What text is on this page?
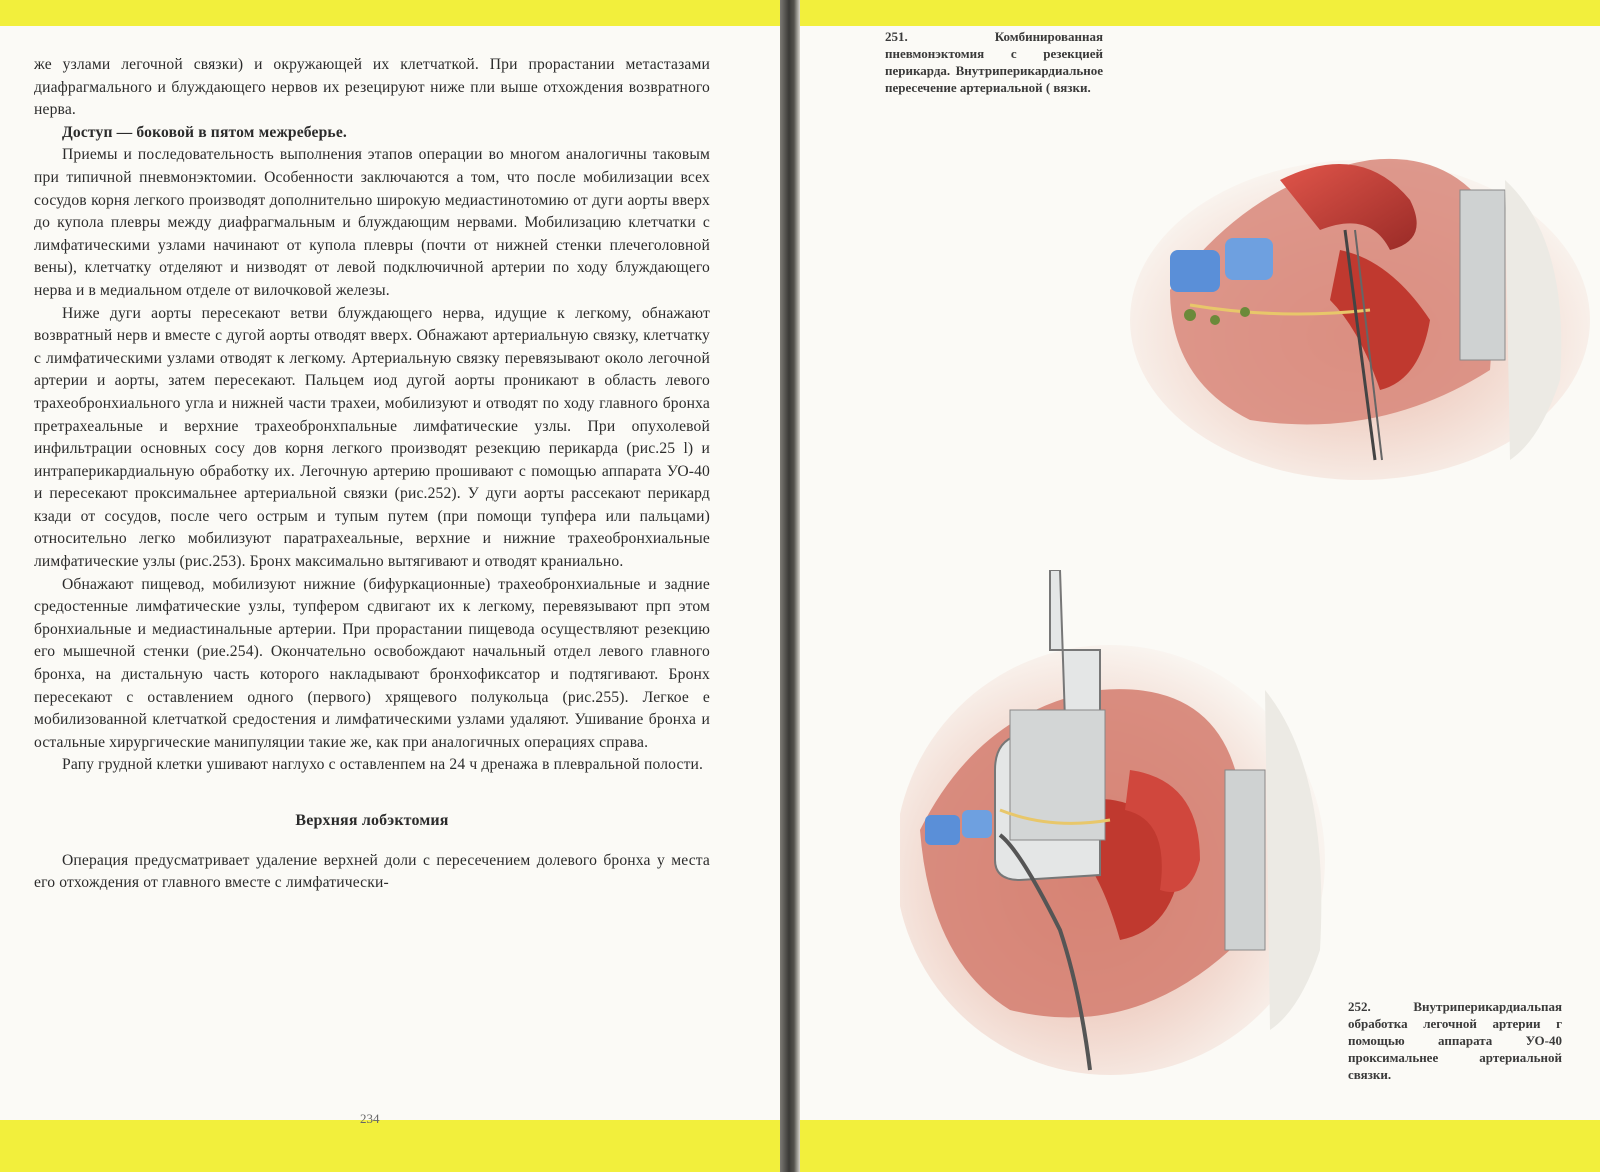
же узлами легочной связки) и окружающей их клетчаткой. При прорастании метастазами диафрагмального и блуждающего нервов их резецируют ниже пли выше отхождения возвратного нерва.

Доступ — боковой в пятом межреберье.

Приемы и последовательность выполнения этапов операции во многом аналогичны таковым при типичной пневмонэктомии. Особенности заключаются а том, что после мобилизации всех сосудов корня легкого производят дополнительно широкую медиастинотомию от дуги аорты вверх до купола плевры между диафрагмальным и блуждающим нервами. Мобилизацию клетчатки с лимфатическими узлами начинают от купола плевры (почти от нижней стенки плечеголовной вены), клетчатку отделяют и низводят от левой подключичной артерии по ходу блуждающего нерва и в медиальном отделе от вилочковой железы.

Ниже дуги аорты пересекают ветви блуждающего нерва, идущие к легкому, обнажают возвратный нерв и вместе с дугой аорты отводят вверх. Обнажают артериальную связку, клетчатку с лимфатическими узлами отводят к легкому. Артериальную связку перевязывают около легочной артерии и аорты, затем пересекают. Пальцем иод дугой аорты проникают в область левого трахеобронхиального угла и нижней части трахеи, мобилизуют и отводят по ходу главного бронха претрахеальные и верхние трахеобронхпальные лимфатические узлы. При опухолевой инфильтрации основных сосу дов корня легкого производят резекцию перикарда (рис.25 l) и интраперикардиальную обработку их. Легочную артерию прошивают с помощью аппарата УО-40 и пересекают проксимальнее артериальной связки (рис.252). У дуги аорты рассекают перикард кзади от сосудов, после чего острым и тупым путем (при помощи тупфера или пальцами) относительно легко мобилизуют паратрахеальные, верхние и нижние трахеобронхиальные лимфатические узлы (рис.253). Бронх максимально вытягивают и отводят краниально.

Обнажают пищевод, мобилизуют нижние (бифуркационные) трахеобронхиальные и задние средостенные лимфатические узлы, тупфером сдвигают их к легкому, перевязывают прп этом бронхиальные и медиастинальные артерии. При прорастании пищевода осуществляют резекцию его мышечной стенки (рие.254). Окончательно освобождают начальный отдел левого главного бронха, на дистальную часть которого накладывают бронхофиксатор и подтягивают. Бронх пересекают с оставлением одного (первого) хрящевого полукольца (рис.255). Легкое е мобилизованной клетчаткой средостения и лимфатическими узлами удаляют. Ушивание бронха и остальные хирургические манипуляции такие же, как при аналогичных операциях справа.

Рапу грудной клетки ушивают наглухо с оставленпем на 24 ч дренажа в плевральной полости.

Верхняя лобэктомия

Операция предусматривает удаление верхней доли с пересечением долевого бронха у места его отхождения от главного вместе с лимфатически-

234
251. Комбинированная пневмонэктомия с резекцией перикарда. Внутриперикардиальное пересечение артериальной ( вязки.
252. Внутриперикардиальпая обработка легочной артерии г помощью аппарата УО-40 проксимальнее артериальной связки.
